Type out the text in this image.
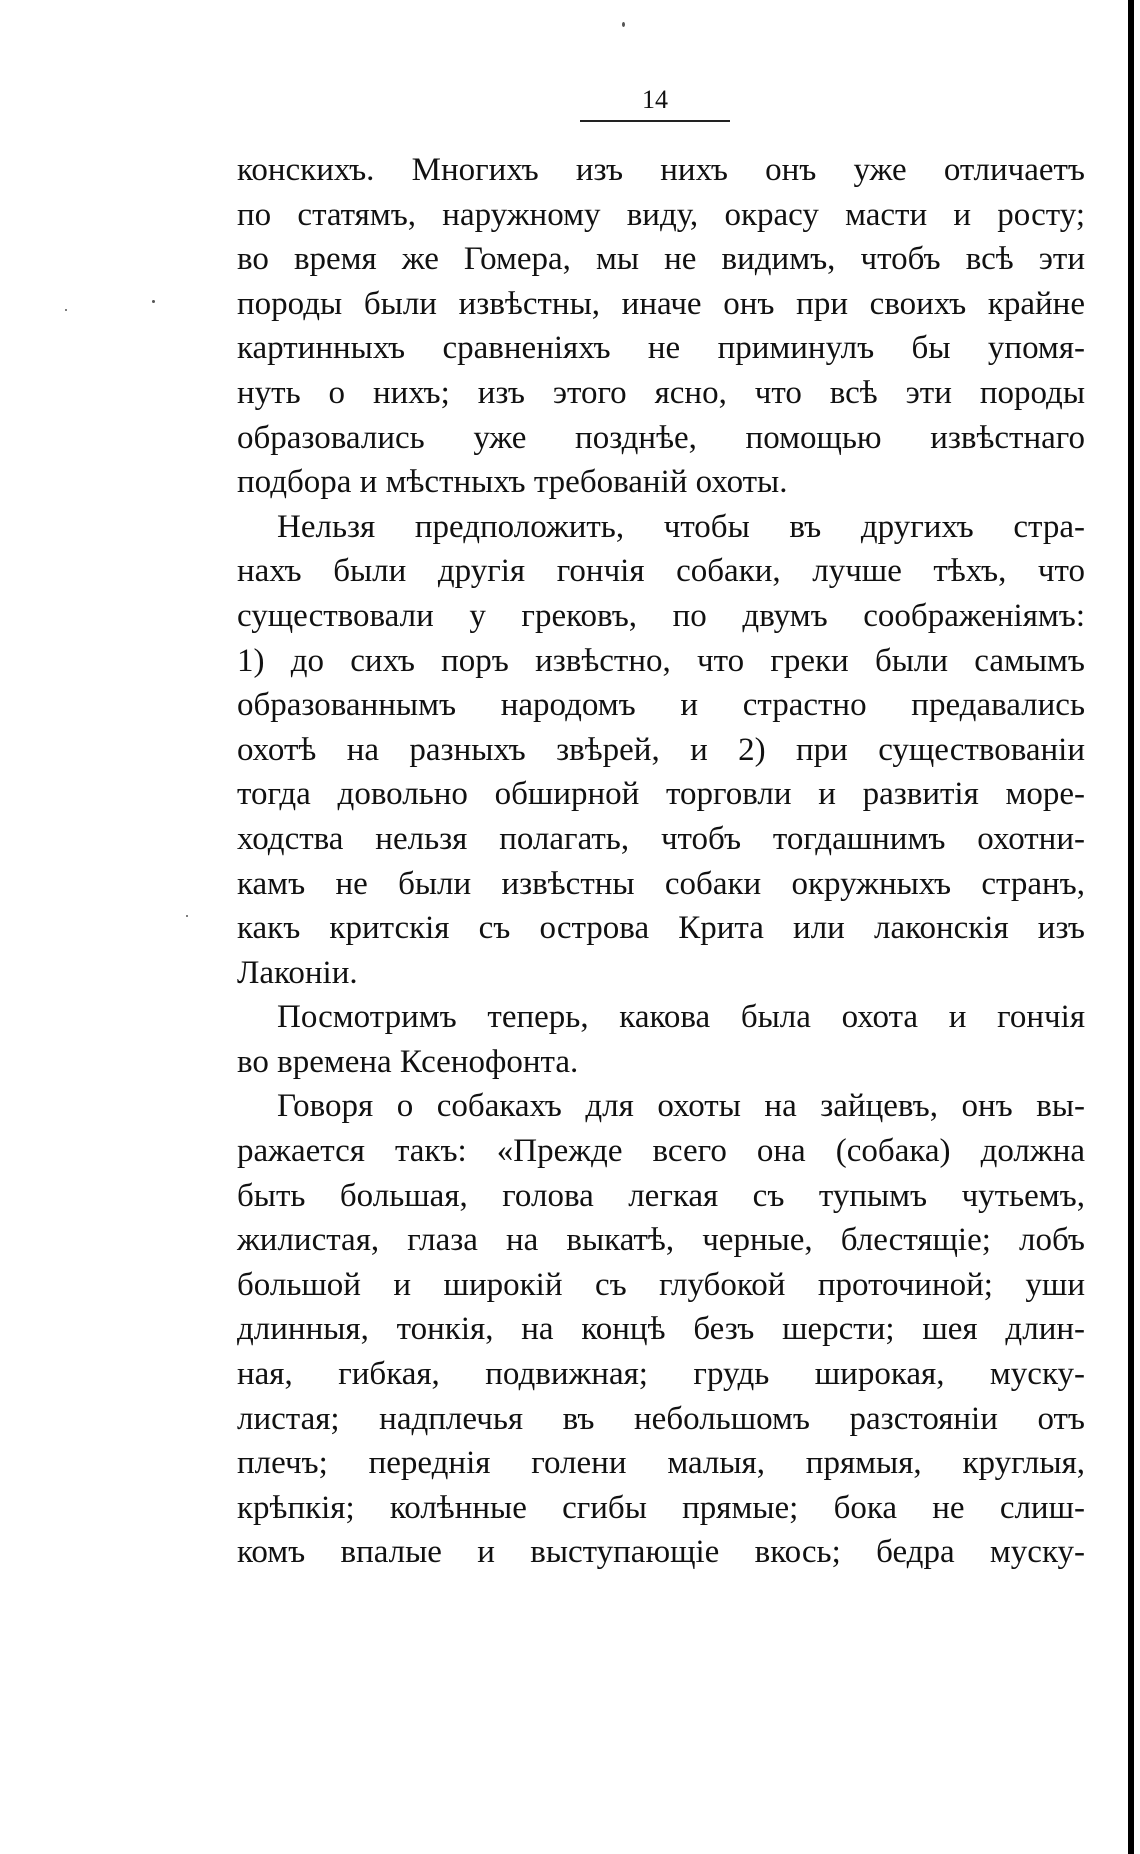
14
конскихъ. Многихъ изъ нихъ онъ уже отличаетъ
по статямъ, наружному виду, окрасу масти и росту;
во время же Гомера, мы не видимъ, чтобъ всѣ эти
породы были извѣстны, иначе онъ при своихъ крайне
картинныхъ сравненіяхъ не приминулъ бы упомя-
нуть о нихъ; изъ этого ясно, что всѣ эти породы
образовались уже позднѣе, помощью извѣстнаго
подбора и мѣстныхъ требованій охоты.
Нельзя предположить, чтобы въ другихъ стра-
нахъ были другія гончія собаки, лучше тѣхъ, что
существовали у грековъ, по двумъ соображеніямъ:
1) до сихъ поръ извѣстно, что греки были самымъ
образованнымъ народомъ и страстно предавались
охотѣ на разныхъ звѣрей, и 2) при существованіи
тогда довольно обширной торговли и развитія море-
ходства нельзя полагать, чтобъ тогдашнимъ охотни-
камъ не были извѣстны собаки окружныхъ странъ,
какъ критскія съ острова Крита или лаконскія изъ
Лаконіи.
Посмотримъ теперь, какова была охота и гончія
во времена Ксенофонта.
Говоря о собакахъ для охоты на зайцевъ, онъ вы-
ражается такъ: «Прежде всего она (собака) должна
быть большая, голова легкая съ тупымъ чутьемъ,
жилистая, глаза на выкатѣ, черные, блестящіе; лобъ
большой и широкій съ глубокой проточиной; уши
длинныя, тонкія, на концѣ безъ шерсти; шея длин-
ная, гибкая, подвижная; грудь широкая, муску-
листая; надплечья въ небольшомъ разстояніи отъ
плечъ; переднія голени малыя, прямыя, круглыя,
крѣпкія; колѣнные сгибы прямые; бока не слиш-
комъ впалые и выступающіе вкось; бедра муску-
